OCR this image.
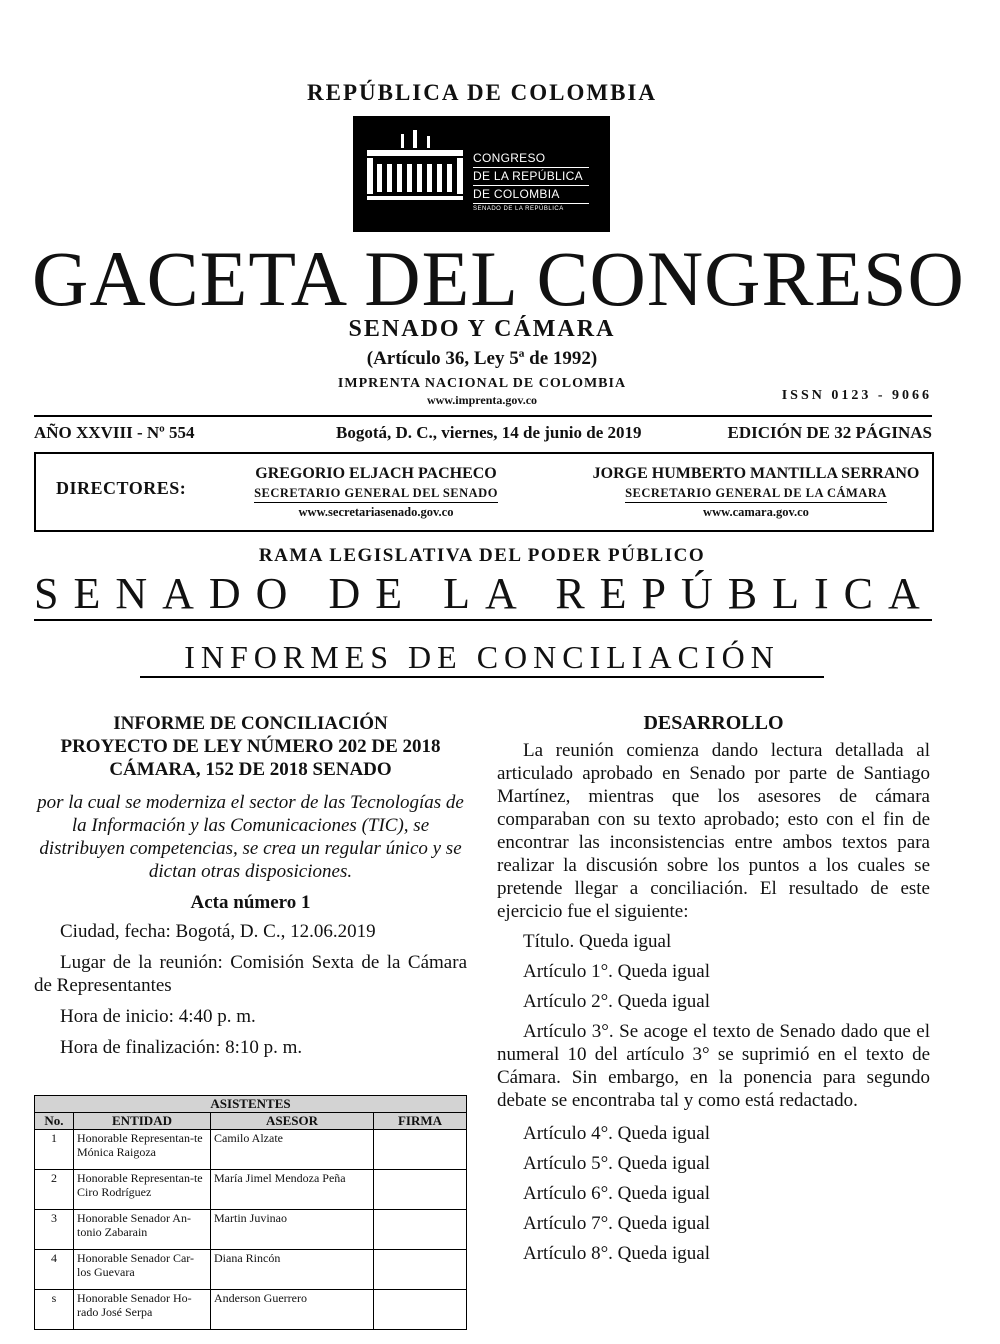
REPÚBLICA DE COLOMBIA
CONGRESO
DE LA REPÚBLICA
DE COLOMBIA
SENADO DE LA REPÚBLICA
GACETA DEL CONGRESO
SENADO Y CÁMARA
(Artículo 36, Ley 5ª de 1992)
IMPRENTA NACIONAL DE COLOMBIA
www.imprenta.gov.co	ISSN 0123 - 9066
AÑO XXVIII - Nº 554	Bogotá, D. C., viernes, 14 de junio de 2019	EDICIÓN DE 32 PÁGINAS
DIRECTORES:
GREGORIO ELJACH PACHECO
SECRETARIO GENERAL DEL SENADO
www.secretariasenado.gov.co
JORGE HUMBERTO MANTILLA SERRANO
SECRETARIO GENERAL DE LA CÁMARA
www.camara.gov.co
RAMA LEGISLATIVA DEL PODER PÚBLICO
SENADO DE LA REPÚBLICA
INFORMES DE CONCILIACIÓN
INFORME DE CONCILIACIÓN
PROYECTO DE LEY NÚMERO 202 DE 2018
CÁMARA, 152 DE 2018 SENADO
por la cual se moderniza el sector de las Tecnologías de la Información y las Comunicaciones (TIC), se distribuyen competencias, se crea un regular único y se dictan otras disposiciones.
Acta número 1
Ciudad, fecha: Bogotá, D. C., 12.06.2019
Lugar de la reunión: Comisión Sexta de la Cámara de Representantes
Hora de inicio: 4:40 p. m.
Hora de finalización: 8:10 p. m.
ASISTENTES			
No.	ENTIDAD	ASESOR	FIRMA
1	Honorable Representan-te Mónica Raigoza	Camilo Alzate	
2	Honorable Representan-te Ciro Rodríguez	María Jimel Mendoza Peña	
3	Honorable Senador An-tonio Zabarain	Martin Juvinao	
4	Honorable Senador Car-los Guevara	Diana Rincón	
s	Honorable Senador Ho-rado José Serpa	Anderson Guerrero	
DESARROLLO
La reunión comienza dando lectura detallada al articulado aprobado en Senado por parte de Santiago Martínez, mientras que los asesores de cámara comparaban con su texto aprobado; esto con el fin de encontrar las inconsistencias entre ambos textos para realizar la discusión sobre los puntos a los cuales se pretende llegar a conciliación. El resultado de este ejercicio fue el siguiente:
Título. Queda igual
Artículo 1°. Queda igual
Artículo 2°. Queda igual
Artículo 3°. Se acoge el texto de Senado dado que el numeral 10 del artículo 3° se suprimió en el texto de Cámara. Sin embargo, en la ponencia para segundo debate se encontraba tal y como está redactado.
Artículo 4°. Queda igual
Artículo 5°. Queda igual
Artículo 6°. Queda igual
Artículo 7°. Queda igual
Artículo 8°. Queda igual
